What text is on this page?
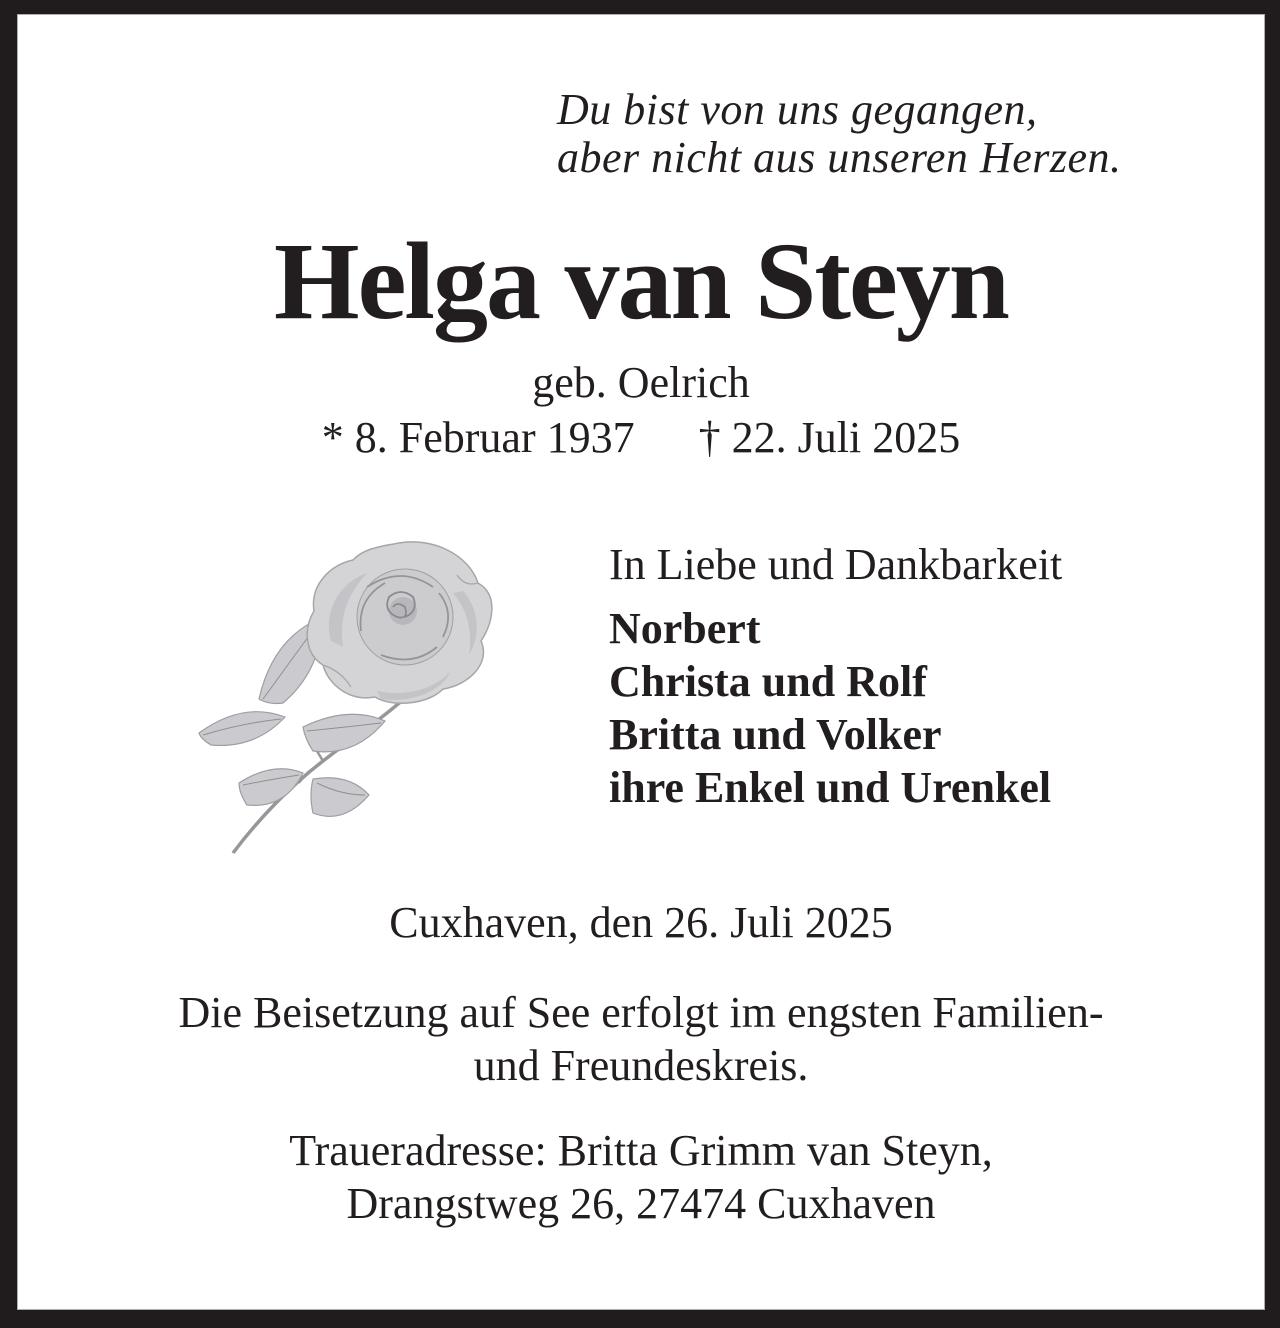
Du bist von uns gegangen,
aber nicht aus unseren Herzen.
Helga van Steyn
geb. Oelrich
* 8. Februar 1937 † 22. Juli 2025
In Liebe und Dankbarkeit
Norbert
Christa und Rolf
Britta und Volker
ihre Enkel und Urenkel
Cuxhaven, den 26. Juli 2025
Die Beisetzung auf See erfolgt im engsten Familien-
und Freundeskreis.
Traueradresse: Britta Grimm van Steyn,
Drangstweg 26, 27474 Cuxhaven
